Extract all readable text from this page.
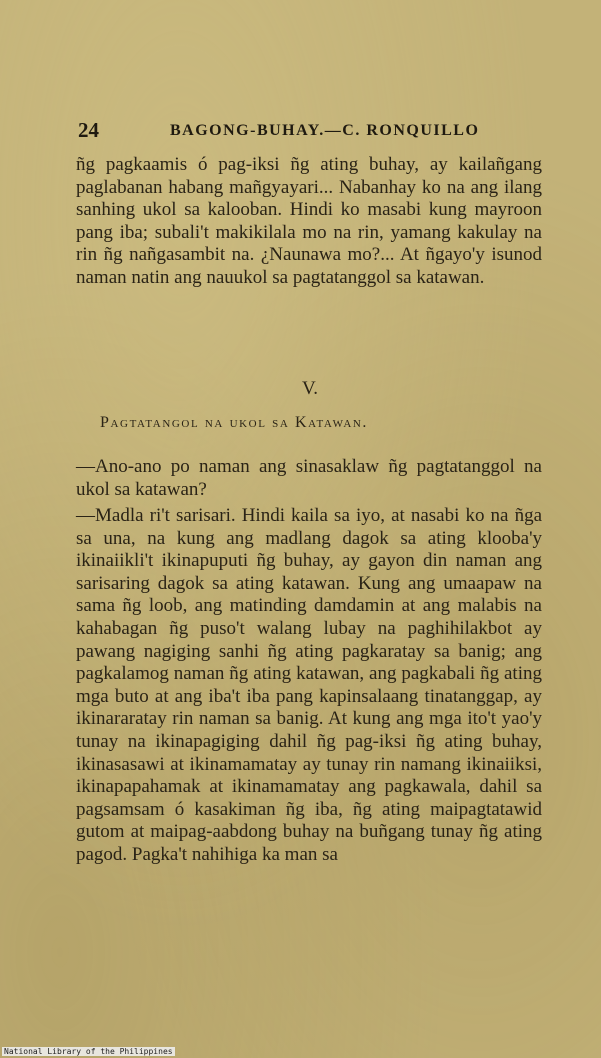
24	BAGONG-BUHAY.—C. RONQUILLO

ñg pagkaamis ó pag-iksi ñg ating buhay, ay kailañgang paglabanan habang mañgyayari... Nabanhay ko na ang ilang sanhing ukol sa kalooban. Hindi ko masabi kung mayroon pang iba; subali't makikilala mo na rin, yamang kakulay na rin ñg nañgasambit na. ¿Naunawa mo?... At ñgayo'y isunod naman natin ang nauukol sa pagtatanggol sa katawan.

V.
Pagtatangol na ukol sa Katawan.

—Ano-ano po naman ang sinasaklaw ñg pagtatanggol na ukol sa katawan?

—Madla ri't sarisari. Hindi kaila sa iyo, at nasabi ko na ñga sa una, na kung ang madlang dagok sa ating klooba'y ikinaiikli't ikinapuputi ñg buhay, ay gayon din naman ang sarisaring dagok sa ating katawan. Kung ang umaapaw na sama ñg loob, ang matinding damdamin at ang malabis na kahabagan ñg puso't walang lubay na paghihilakbot ay pawang nagiging sanhi ñg ating pagkaratay sa banig; ang pagkalamog naman ñg ating katawan, ang pagkabali ñg ating mga buto at ang iba't iba pang kapinsalaang tinatanggap, ay ikinararatay rin naman sa banig. At kung ang mga ito't yao'y tunay na ikinapagiging dahil ñg pag-iksi ñg ating buhay, ikinasasawi at ikinamamatay ay tunay rin namang ikinaiiksi, ikinapapahamak at ikinamamatay ang pagkawala, dahil sa pagsamsam ó kasakiman ñg iba, ñg ating maipagtatawid gutom at maipag-aabdong buhay na buñgang tunay ñg ating pagod. Pagka't nahihiga ka man sa

National Library of the Philippines
